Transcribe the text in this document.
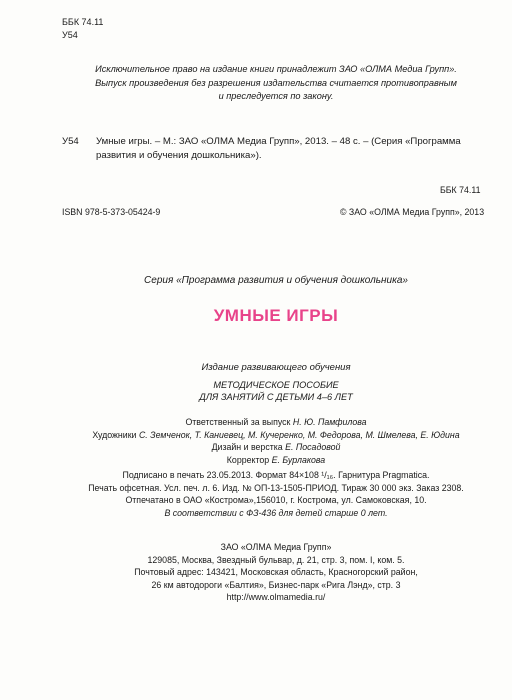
ББК 74.11
У54
Исключительное право на издание книги принадлежит ЗАО «ОЛМА Медиа Групп».
Выпуск произведения без разрешения издательства считается противоправным
и преследуется по закону.
У54 Умные игры. – М.: ЗАО «ОЛМА Медиа Групп», 2013. – 48 с. – (Серия «Программа
развития и обучения дошкольника»).
ББК 74.11
ISBN 978-5-373-05424-9	© ЗАО «ОЛМА Медиа Групп», 2013
Серия «Программа развития и обучения дошкольника»
УМНЫЕ ИГРЫ
Издание развивающего обучения
МЕТОДИЧЕСКОЕ ПОСОБИЕ
ДЛЯ ЗАНЯТИЙ С ДЕТЬМИ 4–6 ЛЕТ
Ответственный за выпуск Н. Ю. Памфилова
Художники С. Земченок, Т. Каниевец, М. Кучеренко, М. Федорова, М. Шмелева, Е. Юдина
Дизайн и верстка Е. Посадовой
Корректор Е. Бурлакова
Подписано в печать 23.05.2013. Формат 84×108 ¹/₁₆. Гарнитура Pragmatica.
Печать офсетная. Усл. печ. л. 6. Изд. № ОП-13-1505-ПРИОД. Тираж 30 000 экз. Заказ 2308.
Отпечатано в ОАО «Кострома»,156010, г. Кострома, ул. Самоковская, 10.
В соответствии с ФЗ-436 для детей старше 0 лет.
ЗАО «ОЛМА Медиа Групп»
129085, Москва, Звездный бульвар, д. 21, стр. 3, пом. I, ком. 5.
Почтовый адрес: 143421, Московская область, Красногорский район,
26 км автодороги «Балтия», Бизнес-парк «Рига Лэнд», стр. 3
http://www.olmamedia.ru/
